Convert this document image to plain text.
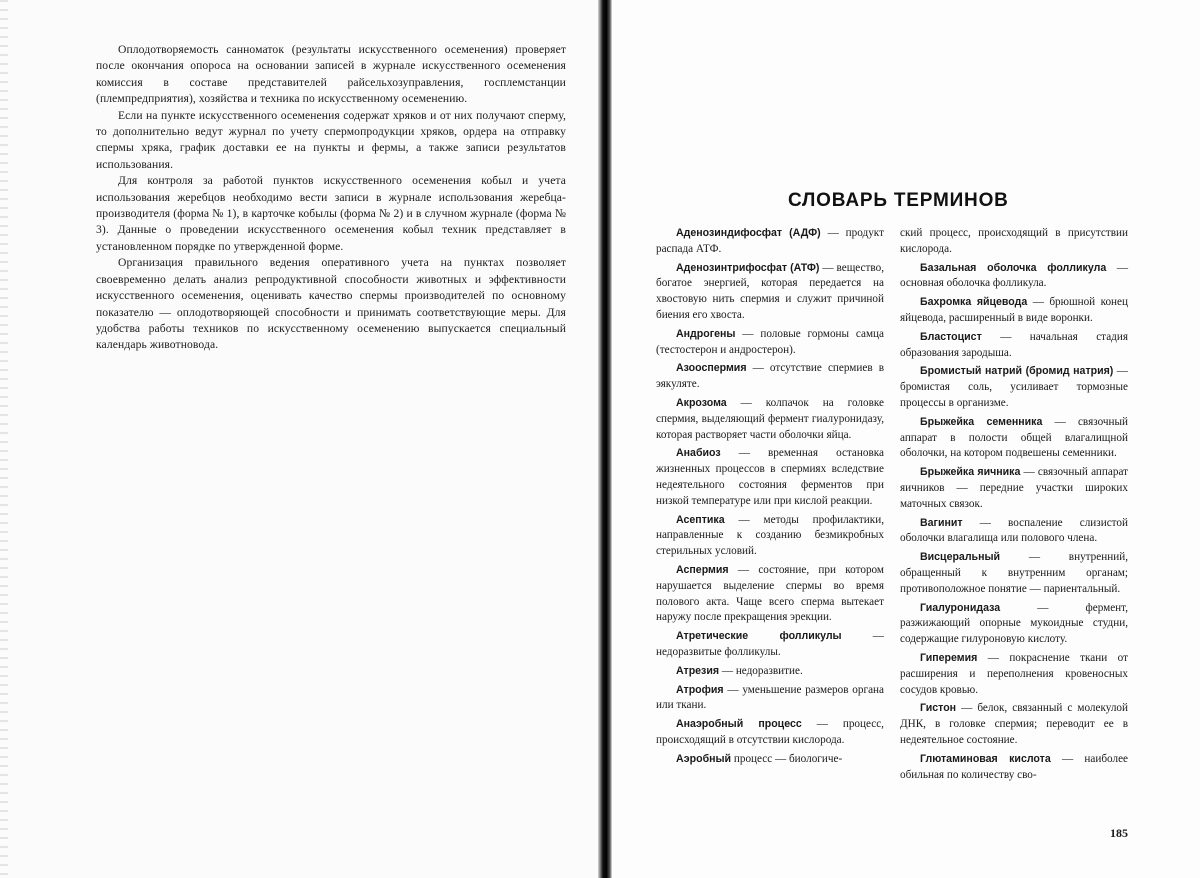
Оплодотворяемость санноматок (результаты искусственного осеменения) проверяет после окончания опороса на основании записей в журнале искусственного осеменения комиссия в составе представителей райсельхозуправления, госплемстанции (племпредприятия), хозяйства и техника по искусственному осеменению.

Если на пункте искусственного осеменения содержат хряков и от них получают сперму, то дополнительно ведут журнал по учету спермопродукции хряков, ордера на отправку спермы хряка, график доставки ее на пункты и фермы, а также записи результатов использования.

Для контроля за работой пунктов искусственного осеменения кобыл и учета использования жеребцов необходимо вести записи в журнале использования жеребца-производителя (форма № 1), в карточке кобылы (форма № 2) и в случном журнале (форма № 3). Данные о проведении искусственного осеменения кобыл техник представляет в установленном порядке по утвержденной форме.

Организация правильного ведения оперативного учета на пунктах позволяет своевременно делать анализ репродуктивной способности животных и эффективности искусственного осеменения, оценивать качество спермы производителей по основному показателю — оплодотворяющей способности и принимать соответствующие меры. Для удобства работы техников по искусственному осеменению выпускается специальный календарь животновода.

СЛОВАРЬ ТЕРМИНОВ

Аденозиндифосфат (АДФ) — продукт распада АТФ.

Аденозинтрифосфат (АТФ) — вещество, богатое энергией, которая передается на хвостовую нить спермия и служит причиной биения его хвоста.

Андрогены — половые гормоны самца (тестостерон и андростерон).

Азооспермия — отсутствие спермиев в эякуляте.

Акрозома — колпачок на головке спермия, выделяющий фермент гиалуронидазу, которая растворяет части оболочки яйца.

Анабиоз — временная остановка жизненных процессов в спермиях вследствие недеятельного состояния ферментов при низкой температуре или при кислой реакции.

Асептика — методы профилактики, направленные к созданию безмикробных стерильных условий.

Аспермия — состояние, при котором нарушается выделение спермы во время полового акта. Чаще всего сперма вытекает наружу после прекращения эрекции.

Атретические фолликулы — недоразвитые фолликулы.

Атрезия — недоразвитие.

Атрофия — уменьшение размеров органа или ткани.

Анаэробный процесс — процесс, происходящий в отсутствии кислорода.

Аэробный процесс — биологиче-

ский процесс, происходящий в присутствии кислорода.

Базальная оболочка фолликула — основная оболочка фолликула.

Бахромка яйцевода — брюшной конец яйцевода, расширенный в виде воронки.

Бластоцист — начальная стадия образования зародыша.

Бромистый натрий (бромид натрия) — бромистая соль, усиливает тормозные процессы в организме.

Брыжейка семенника — связочный аппарат в полости общей влагалищной оболочки, на котором подвешены семенники.

Брыжейка яичника — связочный аппарат яичников — передние участки широких маточных связок.

Вагинит — воспаление слизистой оболочки влагалища или полового члена.

Висцеральный — внутренний, обращенный к внутренним органам; противоположное понятие — париентальный.

Гиалуронидаза — фермент, разжижающий опорные мукоидные студни, содержащие гилуроновую кислоту.

Гиперемия — покраснение ткани от расширения и переполнения кровеносных сосудов кровью.

Гистон — белок, связанный с молекулой ДНК, в головке спермия; переводит ее в недеятельное состояние.

Глютаминовая кислота — наиболее обильная по количеству сво-

185
